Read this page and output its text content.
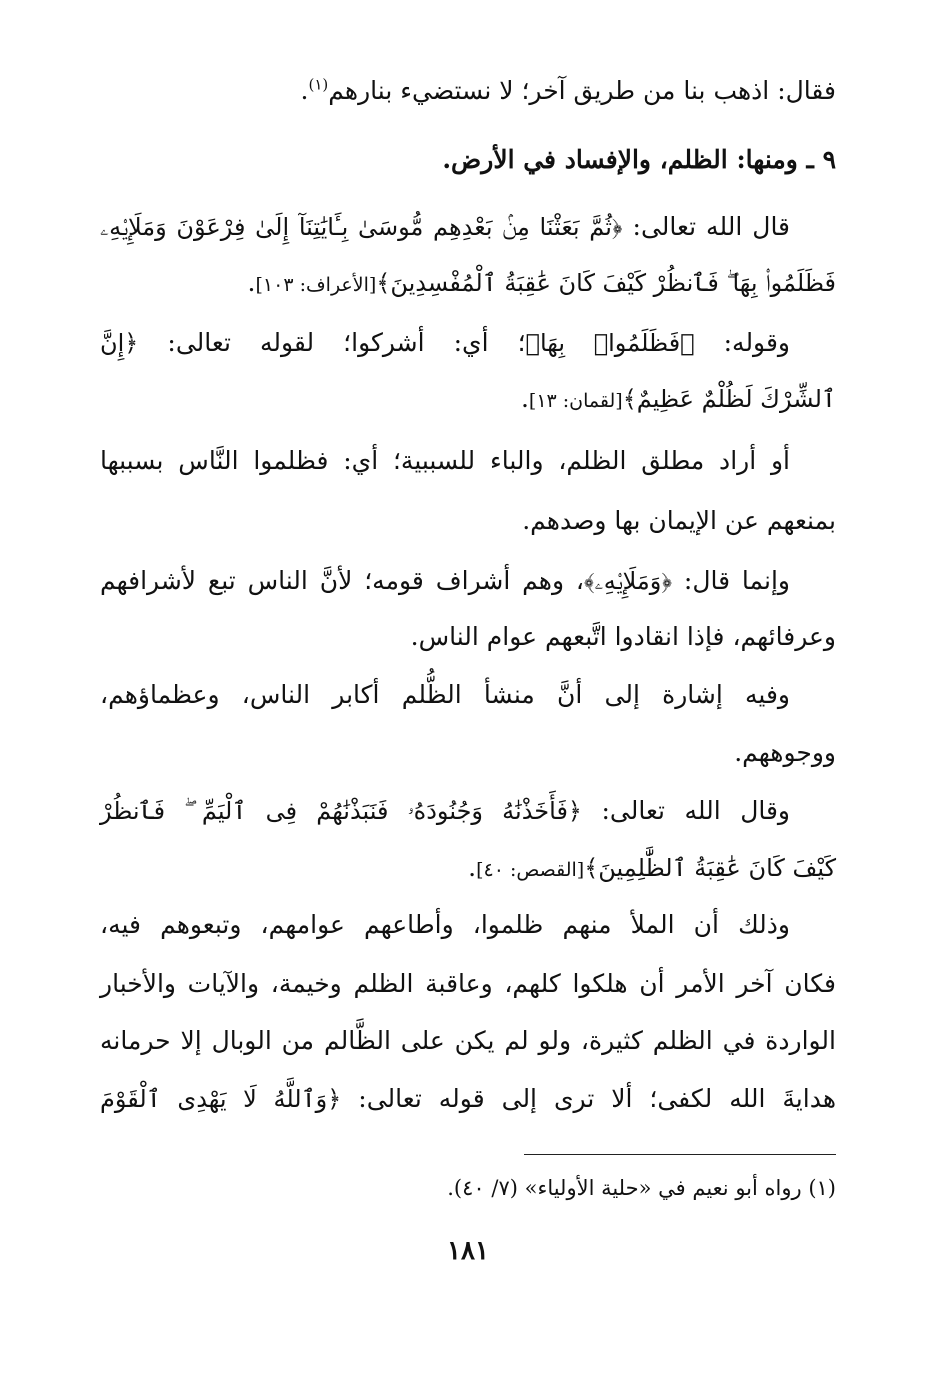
فقال: اذهب بنا من طريق آخر؛ لا نستضيء بنارهم$^{(١)}$.
٩ ـ ومنها: الظلم، والإفساد في الأرض.
قال الله تعالى: ﴿ثُمَّ بَعَثْنَا مِنۢ بَعْدِهِم مُّوسَىٰ بِـَٔايَٰتِنَآ إِلَىٰ فِرْعَوْنَ وَمَلَإِي۟هِۦ
فَظَلَمُوا۟ بِهَا ۖ فَٱنظُرْ كَيْفَ كَانَ عَٰقِبَةُ ٱلْمُفْسِدِينَ﴾[الأعراف: ١٠٣].
وقوله: ﴿فَظَلَمُوا۟ بِهَا﴾؛ أي: أشركوا؛ لقوله تعالى: ﴿إِنَّ
ٱلشِّرْكَ لَظُلْمٌ عَظِيمٌ﴾[لقمان: ١٣].
أو أراد مطلق الظلم، والباء للسببية؛ أي: فظلموا النَّاس بسببها
بمنعهم عن الإيمان بها وصدهم.
وإنما قال: ﴿وَمَلَإِي۟هِۦ﴾، وهم أشراف قومه؛ لأنَّ الناس تبع لأشرافهم
وعرفائهم، فإذا انقادوا اتَّبعهم عوام الناس.
وفيه إشارة إلى أنَّ منشأ الظُّلم أكابر الناس، وعظماؤهم،
ووجوههم.
وقال الله تعالى: ﴿فَأَخَذْنَٰهُ وَجُنُودَهُۥ فَنَبَذْنَٰهُمْ فِى ٱلْيَمِّ ۖ فَٱنظُرْ
كَيْفَ كَانَ عَٰقِبَةُ ٱلظَّٰلِمِينَ﴾[القصص: ٤٠].
وذلك أن الملأ منهم ظلموا، وأطاعهم عوامهم، وتبعوهم فيه،
فكان آخر الأمر أن هلكوا كلهم، وعاقبة الظلم وخيمة، والآيات والأخبار
الواردة في الظلم كثيرة، ولو لم يكن على الظَّالم من الوبال إلا حرمانه
هدايةَ الله لكفى؛ ألا ترى إلى قوله تعالى: ﴿وَٱللَّهُ لَا يَهْدِى ٱلْقَوْمَ
(١) رواه أبو نعيم في «حلية الأولياء» (٧/ ٤٠).
١٨١
